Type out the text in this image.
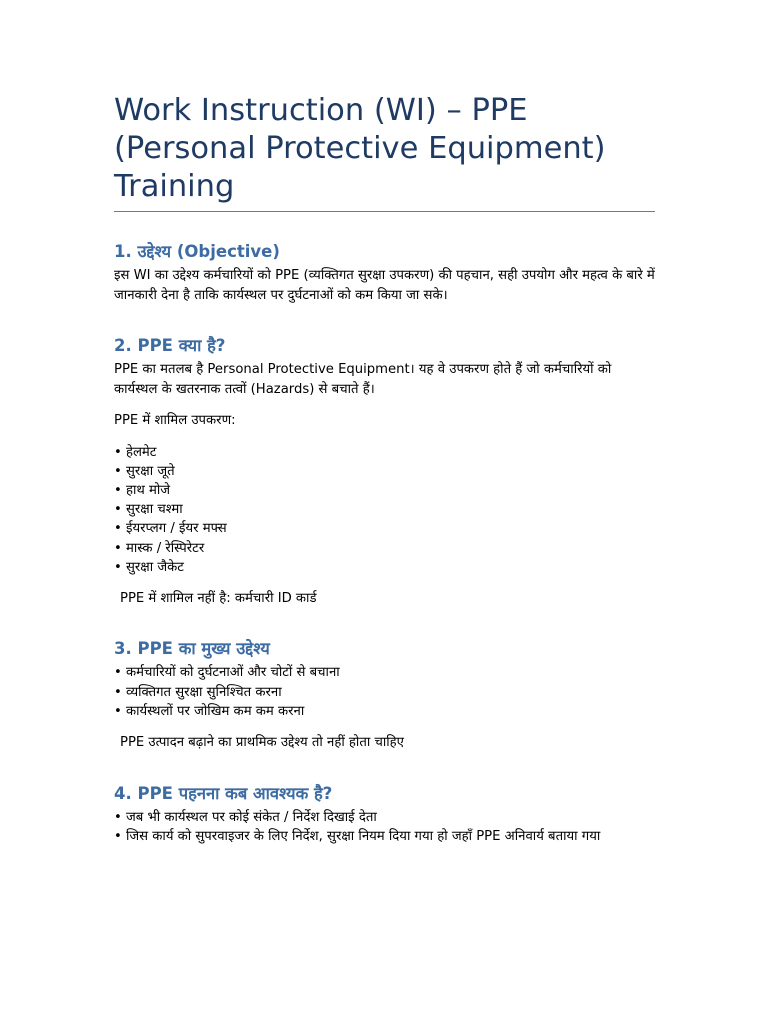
Work Instruction (WI) – PPE (Personal Protective Equipment) Training
1. उद्देश्य (Objective)

इस WI का उद्देश्य कर्मचारियों को PPE (व्यक्तिगत सुरक्षा उपकरण) की पहचान, सही उपयोग और महत्व के बारे में जानकारी देना है ताकि कार्यस्थल पर दुर्घटनाओं को कम किया जा सके।

2. PPE क्या है?

PPE का मतलब है Personal Protective Equipment। यह वे उपकरण होते हैं जो कर्मचारियों को कार्यस्थल के खतरनाक तत्वों (Hazards) से बचाते हैं।

PPE में शामिल उपकरण:

• हेलमेट
• सुरक्षा जूते
• हाथ मोजे
• सुरक्षा चश्मा
• ईयरप्लग / ईयर मफ्स
• मास्क / रेस्पिरेटर
• सुरक्षा जैकेट

PPE में शामिल नहीं है: कर्मचारी ID कार्ड

3. PPE का मुख्य उद्देश्य
• कर्मचारियों को दुर्घटनाओं और चोटों से बचाना
• व्यक्तिगत सुरक्षा सुनिश्चित करना
• कार्यस्थलों पर जोखिम कम कम करना

PPE उत्पादन बढ़ाने का प्राथमिक उद्देश्य तो नहीं होता चाहिए

4. PPE पहनना कब आवश्यक है?
• जब भी कार्यस्थल पर कोई संकेत / निर्देश दिखाई देता
• जिस कार्य को सुपरवाइजर के लिए निर्देश, सुरक्षा नियम दिया गया हो जहाँ PPE अनिवार्य बताया गया
